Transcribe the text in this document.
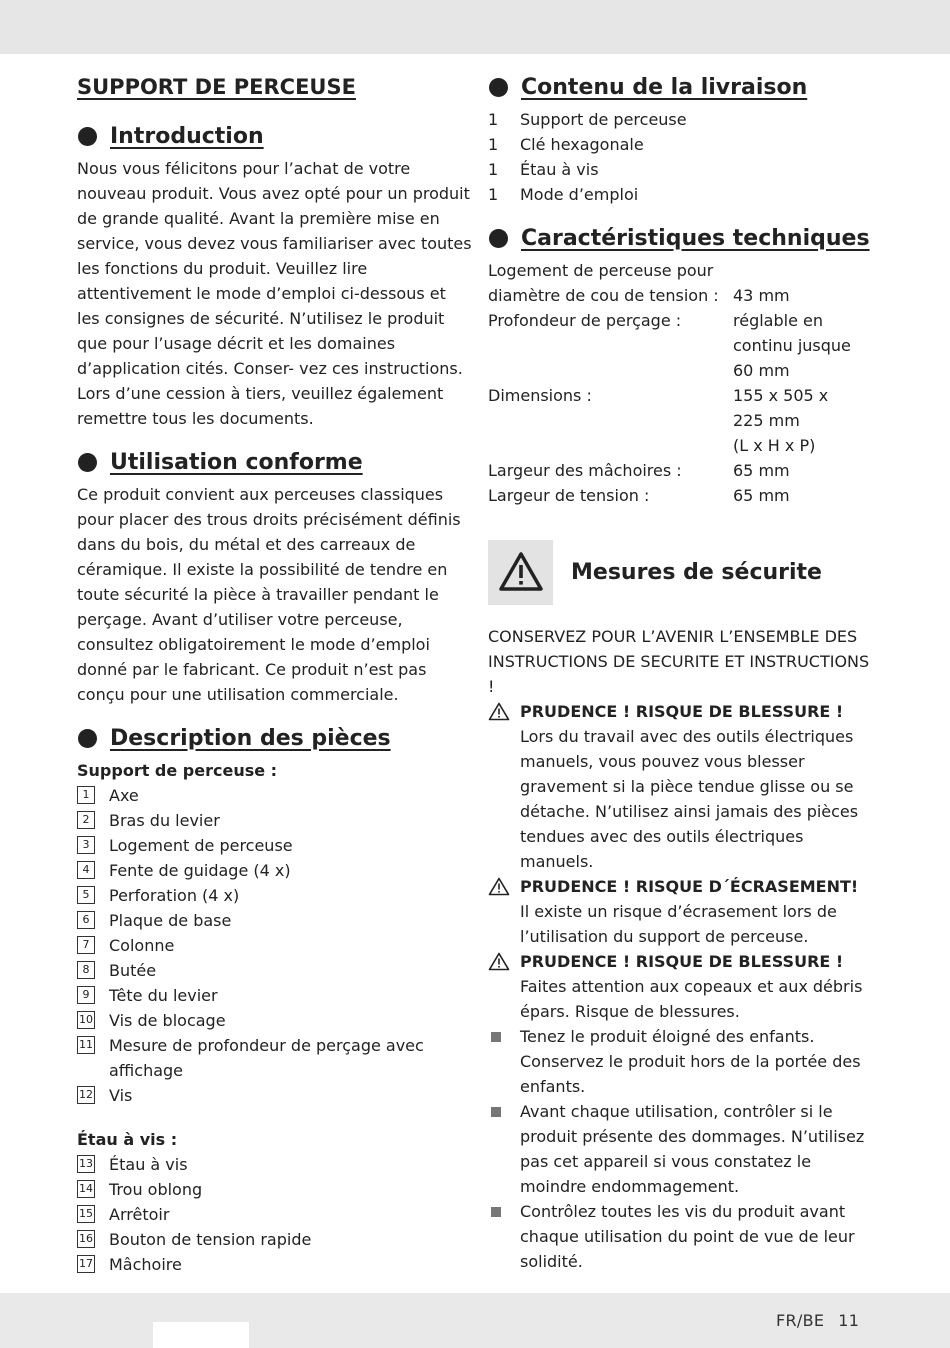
SUPPORT DE PERCEUSE
Introduction

Nous vous félicitons pour l’achat de votre nouveau produit. Vous avez opté pour un produit de grande qualité. Avant la première mise en service, vous devez vous familiariser avec toutes les fonctions du produit. Veuillez lire attentivement le mode d’emploi ci-dessous et les consignes de sécurité. N’utilisez le produit que pour l’usage décrit et les domaines d’application cités. Conser- vez ces instructions. Lors d’une cession à tiers, veuillez également remettre tous les documents.

Utilisation conforme

Ce produit convient aux perceuses classiques pour placer des trous droits précisément définis dans du bois, du métal et des carreaux de céramique. Il existe la possibilité de tendre en toute sécurité la pièce à travailler pendant le perçage. Avant d’utiliser votre perceuse, consultez obligatoirement le mode d’emploi donné par le fabricant. Ce produit n’est pas conçu pour une utilisation commerciale.

Description des pièces
Support de perceuse :
1	Axe
2	Bras du levier
3	Logement de perceuse
4	Fente de guidage (4 x)
5	Perforation (4 x)
6	Plaque de base
7	Colonne
8	Butée
9	Tête du levier
10 Vis de blocage
11 Mesure de profondeur de perçage avec affichage
12 Vis
Étau à vis :
13 Étau à vis
14 Trou oblong
15 Arrêtoir
16 Bouton de tension rapide
17 Mâchoire
Contenu de la livraison
1	Support de perceuse
1	Clé hexagonale
1	Étau à vis
1	Mode d’emploi
Caractéristiques techniques
Logement de perceuse pour
diamètre de cou de tension : 43 mm
Profondeur de perçage :	réglable en
continu jusque
60 mm
Dimensions :	155 x 505 x
225 mm
(L x H x P)
Largeur des mâchoires :	65 mm
Largeur de tension :	65 mm
Mesures de sécurite

CONSERVEZ POUR L’AVENIR L’ENSEMBLE DES INSTRUCTIONS DE SECURITE ET INSTRUCTIONS !

PRUDENCE ! RISQUE DE BLESSURE !
Lors du travail avec des outils électriques manuels, vous pouvez vous blesser gravement si la pièce tendue glisse ou se détache. N’utilisez ainsi jamais des pièces tendues avec des outils électriques manuels.
PRUDENCE ! RISQUE D´ÉCRASEMENT!
Il existe un risque d’écrasement lors de l’utilisation du support de perceuse.
PRUDENCE ! RISQUE DE BLESSURE !
Faites attention aux copeaux et aux débris épars. Risque de blessures.
Tenez le produit éloigné des enfants. Conservez le produit hors de la portée des enfants.
Avant chaque utilisation, contrôler si le produit présente des dommages. N’utilisez pas cet appareil si vous constatez le moindre endommagement.
Contrôlez toutes les vis du produit avant chaque utilisation du point de vue de leur solidité.
FR/BE 11
